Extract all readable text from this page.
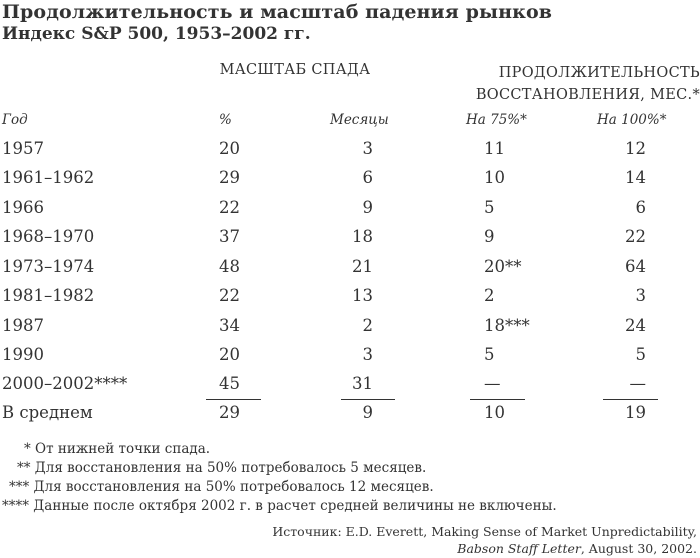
Продолжительность и масштаб падения рынков
Индекс S&P 500, 1953–2002 гг.
МАСШТАБ СПАДА	ПРОДОЛЖИТЕЛЬНОСТЬ
ВОССТАНОВЛЕНИЯ, МЕС.*
Год	%	Месяцы	На 75%*	На 100%*
1957	20	3	11	12
1961–1962	29	6	10	14
1966	22	9	5	6
1968–1970	37	18	9	22
1973–1974	48	21	20**	64
1981–1982	22	13	2	3
1987	34	2	18***	24
1990	20	3	5	5
2000–2002****	45	31	—	—
В среднем	29	9	10	19
* От нижней точки спада.
** Для восстановления на 50% потребовалось 5 месяцев.
*** Для восстановления на 50% потребовалось 12 месяцев.
**** Данные после октября 2002 г. в расчет средней величины не включены.
Источник: E.D. Everett, Making Sense of Market Unpredictability,
Babson Staff Letter, August 30, 2002.
